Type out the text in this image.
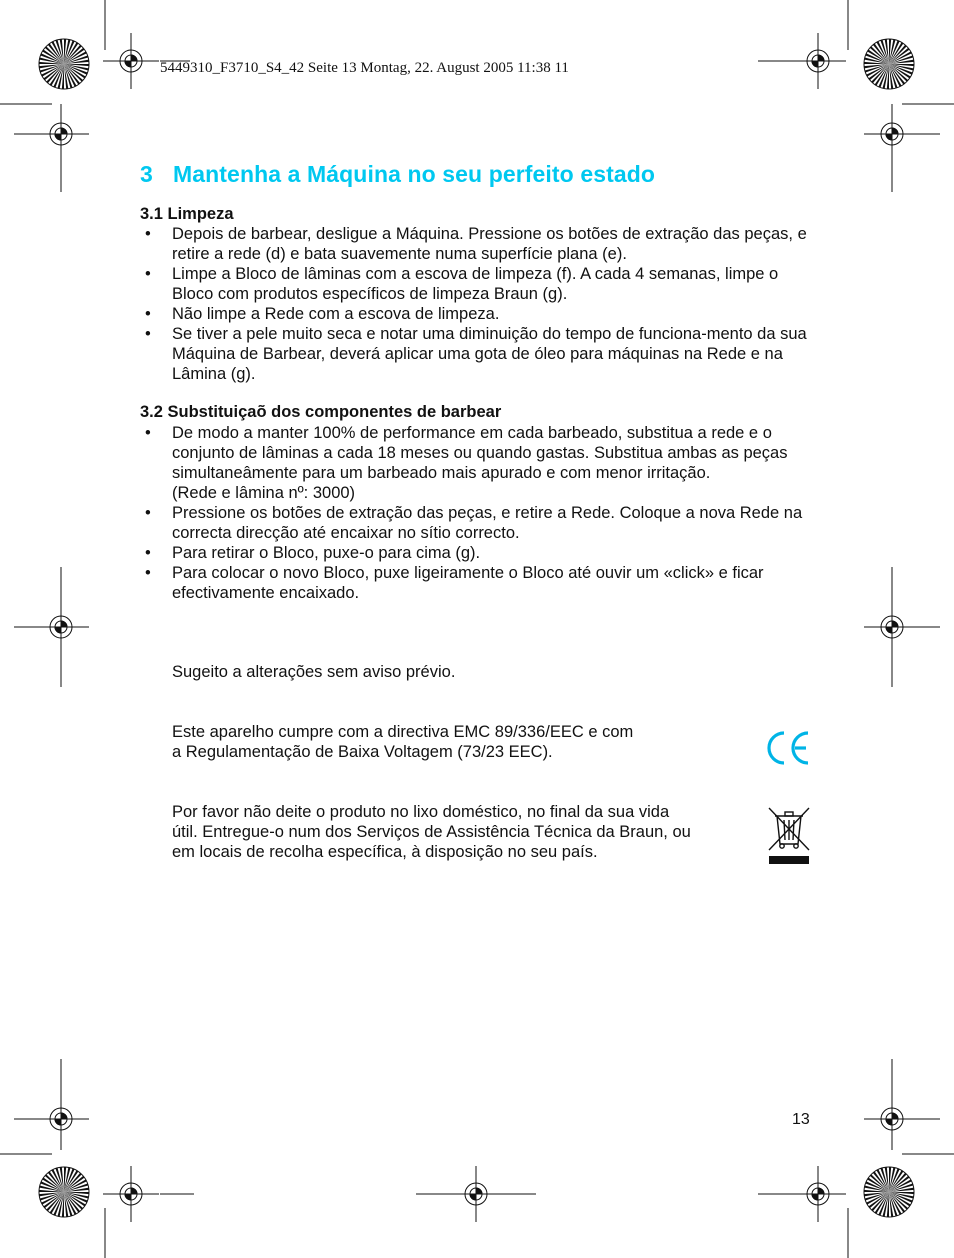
5449310_F3710_S4_42 Seite 13 Montag, 22. August 2005 11:38 11
3 Mantenha a Máquina no seu perfeito estado
3.1 Limpeza
• Depois de barbear, desligue a Máquina. Pressione os botões de extração das peças, e retire a rede (d) e bata suavemente numa superfície plana (e).
• Limpe a Bloco de lâminas com a escova de limpeza (f). A cada 4 semanas, limpe o Bloco com produtos específicos de limpeza Braun (g).
• Não limpe a Rede com a escova de limpeza.
• Se tiver a pele muito seca e notar uma diminuição do tempo de funciona-mento da sua Máquina de Barbear, deverá aplicar uma gota de óleo para máquinas na Rede e na Lâmina (g).
3.2 Substituiçaõ dos componentes de barbear
• De modo a manter 100% de performance em cada barbeado, substitua a rede e o conjunto de lâminas a cada 18 meses ou quando gastas. Substitua ambas as peças simultaneâmente para um barbeado mais apurado e com menor irritação.
(Rede e lâmina nº: 3000)
• Pressione os botões de extração das peças, e retire a Rede. Coloque a nova Rede na correcta direcção até encaixar no sítio correcto.
• Para retirar o Bloco, puxe-o para cima (g).
• Para colocar o novo Bloco, puxe ligeiramente o Bloco até ouvir um «click» e ficar efectivamente encaixado.
Sugeito a alterações sem aviso prévio.
Este aparelho cumpre com a directiva EMC 89/336/EEC e com
a Regulamentação de Baixa Voltagem (73/23 EEC).
Por favor não deite o produto no lixo doméstico, no final da sua vida
útil. Entregue-o num dos Serviços de Assistência Técnica da Braun, ou
em locais de recolha específica, à disposição no seu país.
13
